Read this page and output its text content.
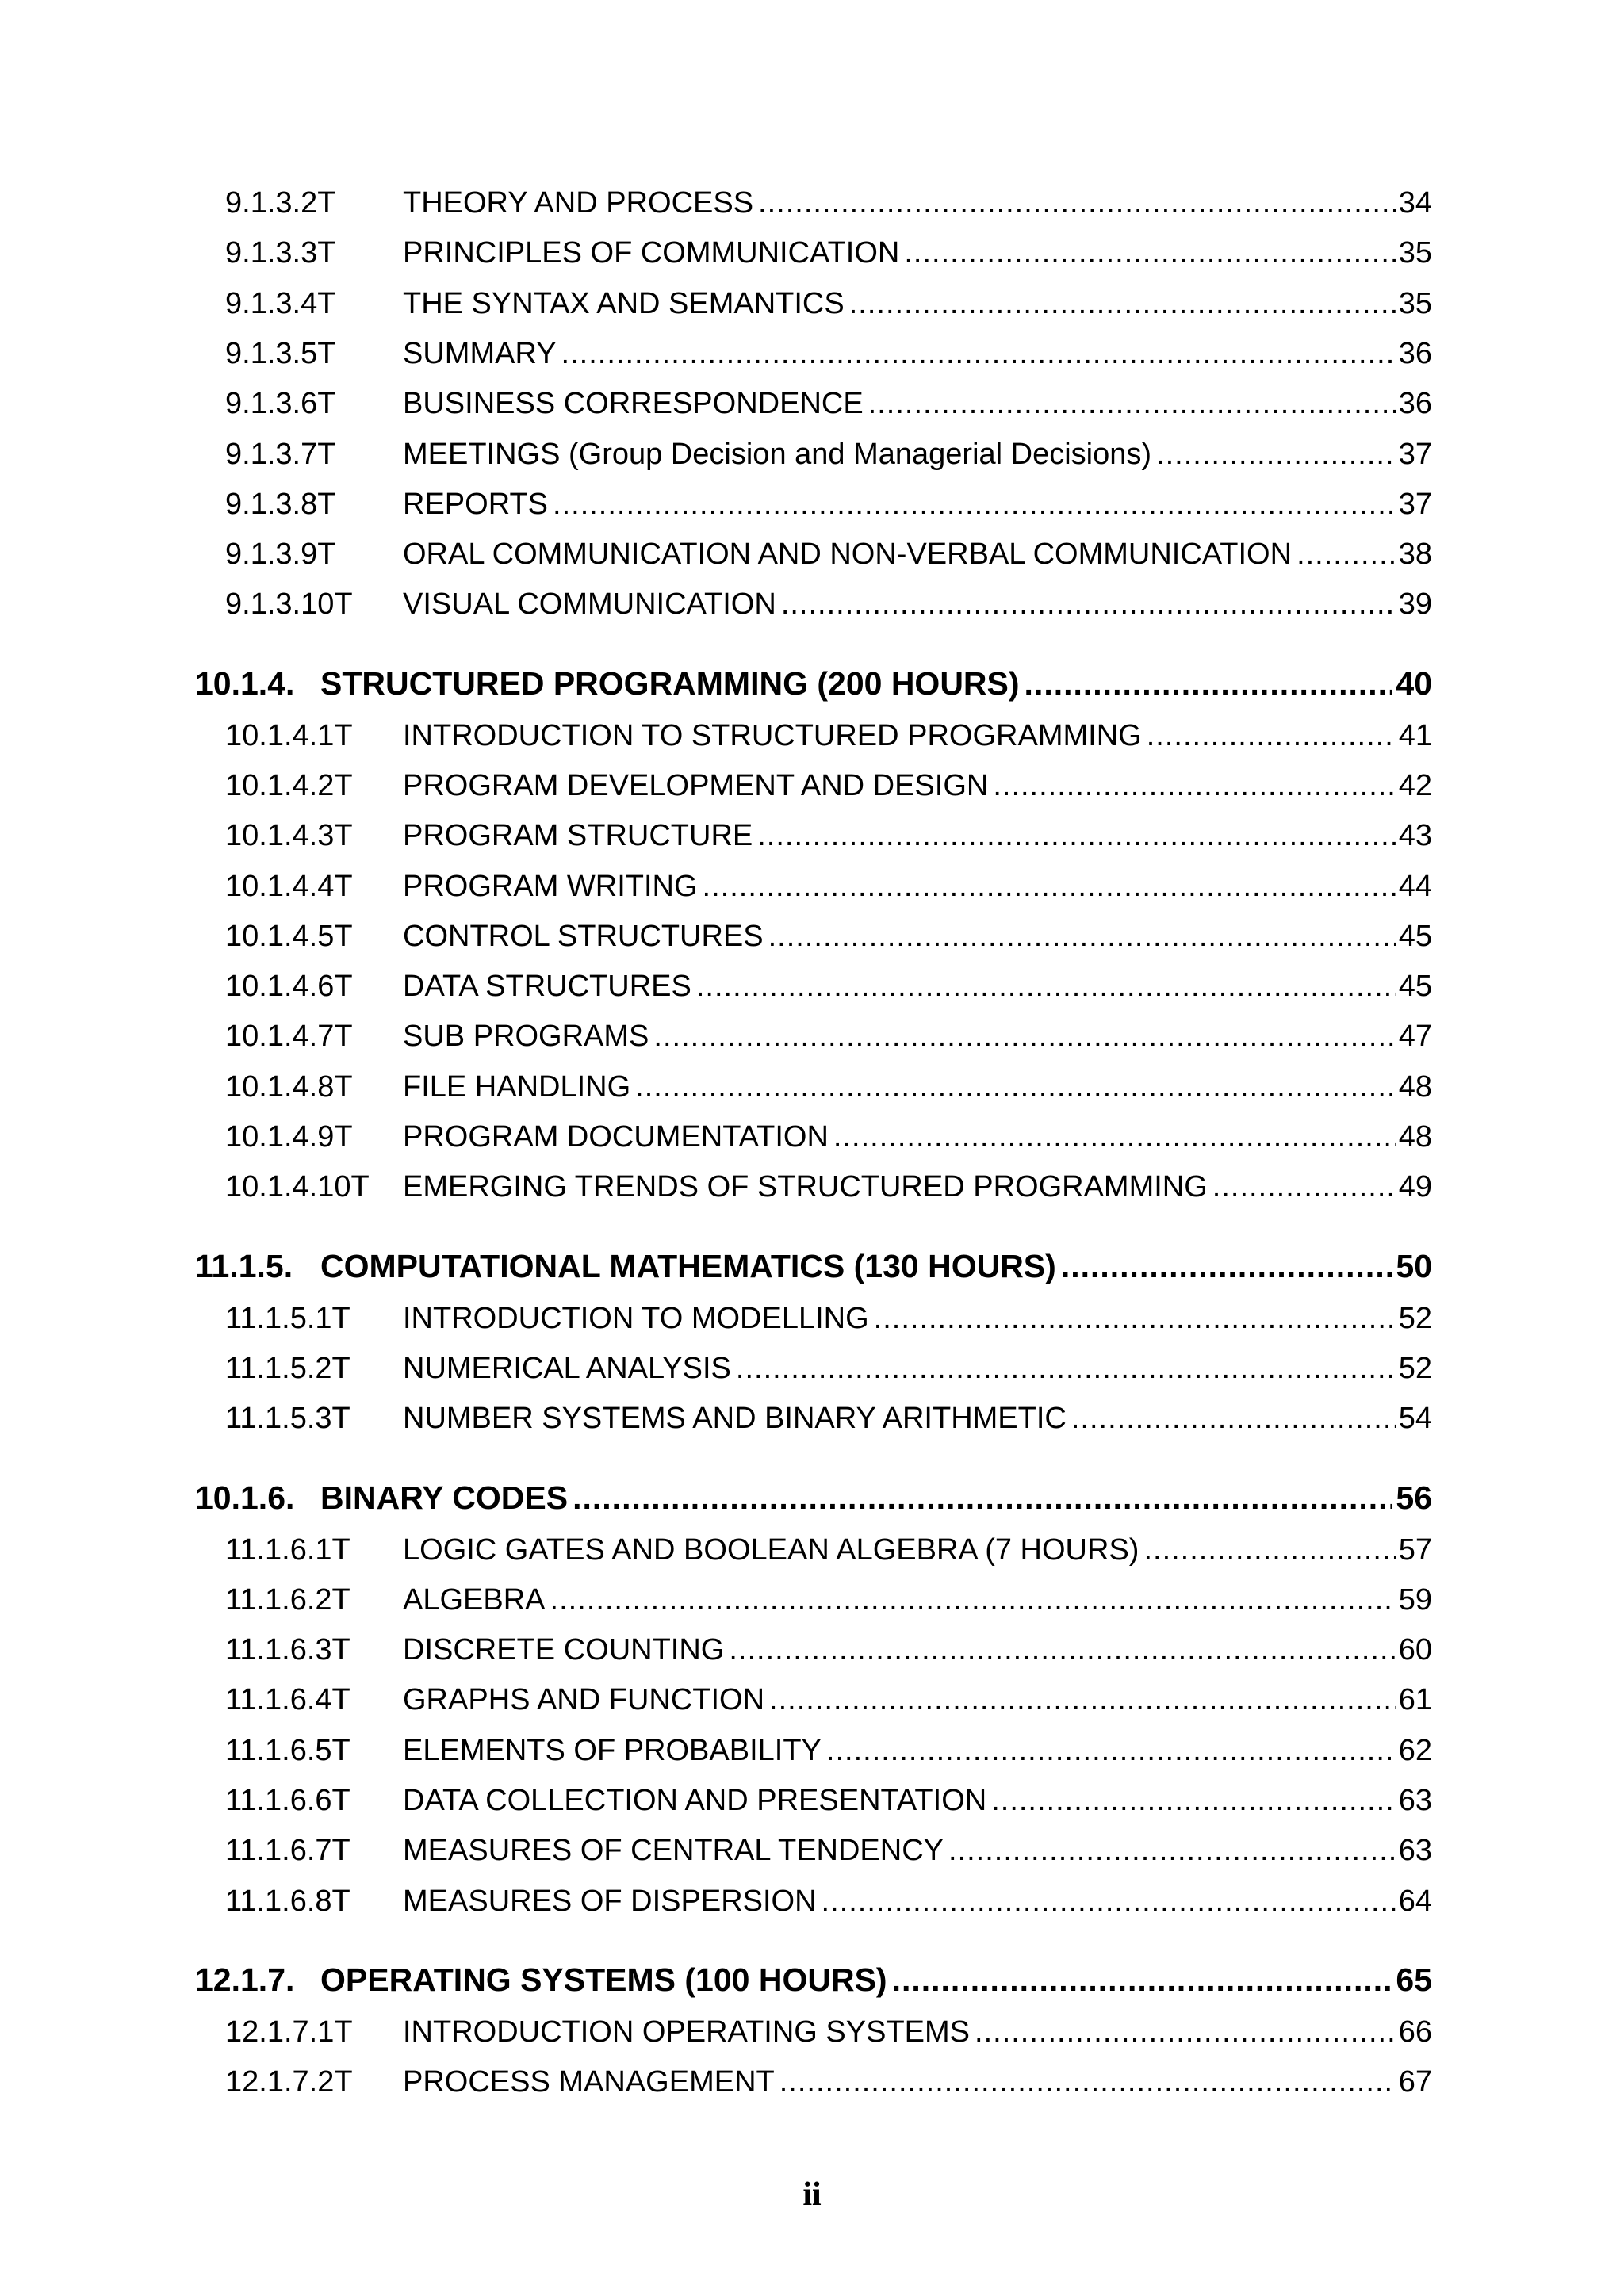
9.1.3.2T	THEORY AND PROCESS .....	34
9.1.3.3T	PRINCIPLES OF COMMUNICATION .....	35
9.1.3.4T	THE SYNTAX AND SEMANTICS .....	35
9.1.3.5T	SUMMARY .....	36
9.1.3.6T	BUSINESS CORRESPONDENCE .....	36
9.1.3.7T	MEETINGS (Group Decision and Managerial Decisions) .....	37
9.1.3.8T	REPORTS .....	37
9.1.3.9T	ORAL COMMUNICATION AND NON-VERBAL COMMUNICATION .....	38
9.1.3.10T	VISUAL COMMUNICATION .....	39
10.1.4. STRUCTURED PROGRAMMING (200 HOURS) .....	40
10.1.4.1T	INTRODUCTION TO STRUCTURED PROGRAMMING .....	41
10.1.4.2T	PROGRAM DEVELOPMENT AND DESIGN .....	42
10.1.4.3T	PROGRAM STRUCTURE .....	43
10.1.4.4T	PROGRAM WRITING .....	44
10.1.4.5T	CONTROL STRUCTURES .....	45
10.1.4.6T	DATA STRUCTURES .....	45
10.1.4.7T	SUB PROGRAMS .....	47
10.1.4.8T	FILE HANDLING .....	48
10.1.4.9T	PROGRAM DOCUMENTATION .....	48
10.1.4.10T	EMERGING TRENDS OF STRUCTURED PROGRAMMING .....	49
11.1.5. COMPUTATIONAL MATHEMATICS (130 HOURS) .....	50
11.1.5.1T	INTRODUCTION TO MODELLING .....	52
11.1.5.2T	NUMERICAL ANALYSIS .....	52
11.1.5.3T	NUMBER SYSTEMS AND BINARY ARITHMETIC .....	54
10.1.6. BINARY CODES .....	56
11.1.6.1T	LOGIC GATES AND BOOLEAN ALGEBRA (7 HOURS) .....	57
11.1.6.2T	ALGEBRA .....	59
11.1.6.3T	DISCRETE COUNTING .....	60
11.1.6.4T	GRAPHS AND FUNCTION .....	61
11.1.6.5T	ELEMENTS OF PROBABILITY .....	62
11.1.6.6T	DATA COLLECTION AND PRESENTATION .....	63
11.1.6.7T	MEASURES OF CENTRAL TENDENCY .....	63
11.1.6.8T	MEASURES OF DISPERSION .....	64
12.1.7. OPERATING SYSTEMS (100 HOURS) .....	65
12.1.7.1T	INTRODUCTION OPERATING SYSTEMS .....	66
12.1.7.2T	PROCESS MANAGEMENT .....	67
ii
